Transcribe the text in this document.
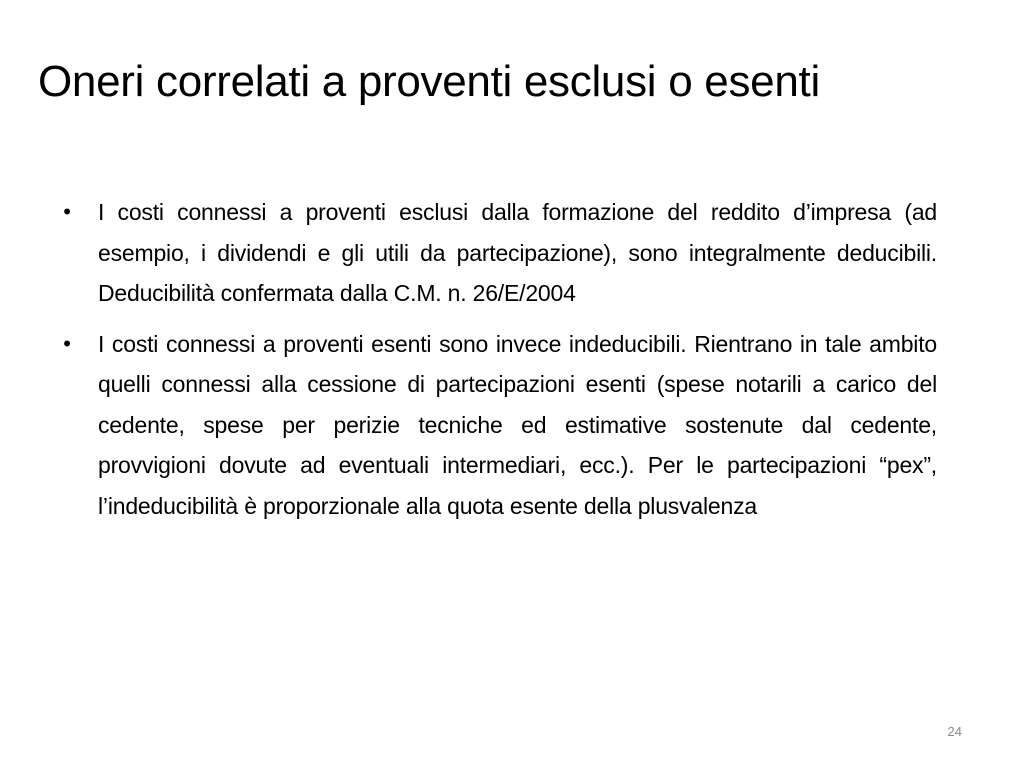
Oneri correlati a proventi esclusi o esenti
• I costi connessi a proventi esclusi dalla formazione del reddito d’impresa (ad esempio, i dividendi e gli utili da partecipazione), sono integralmente deducibili. Deducibilità confermata dalla C.M. n. 26/E/2004
• I costi connessi a proventi esenti sono invece indeducibili. Rientrano in tale ambito quelli connessi alla cessione di partecipazioni esenti (spese notarili a carico del cedente, spese per perizie tecniche ed estimative sostenute dal cedente, provvigioni dovute ad eventuali intermediari, ecc.). Per le partecipazioni “pex”, l’indeducibilità è proporzionale alla quota esente della plusvalenza
24
